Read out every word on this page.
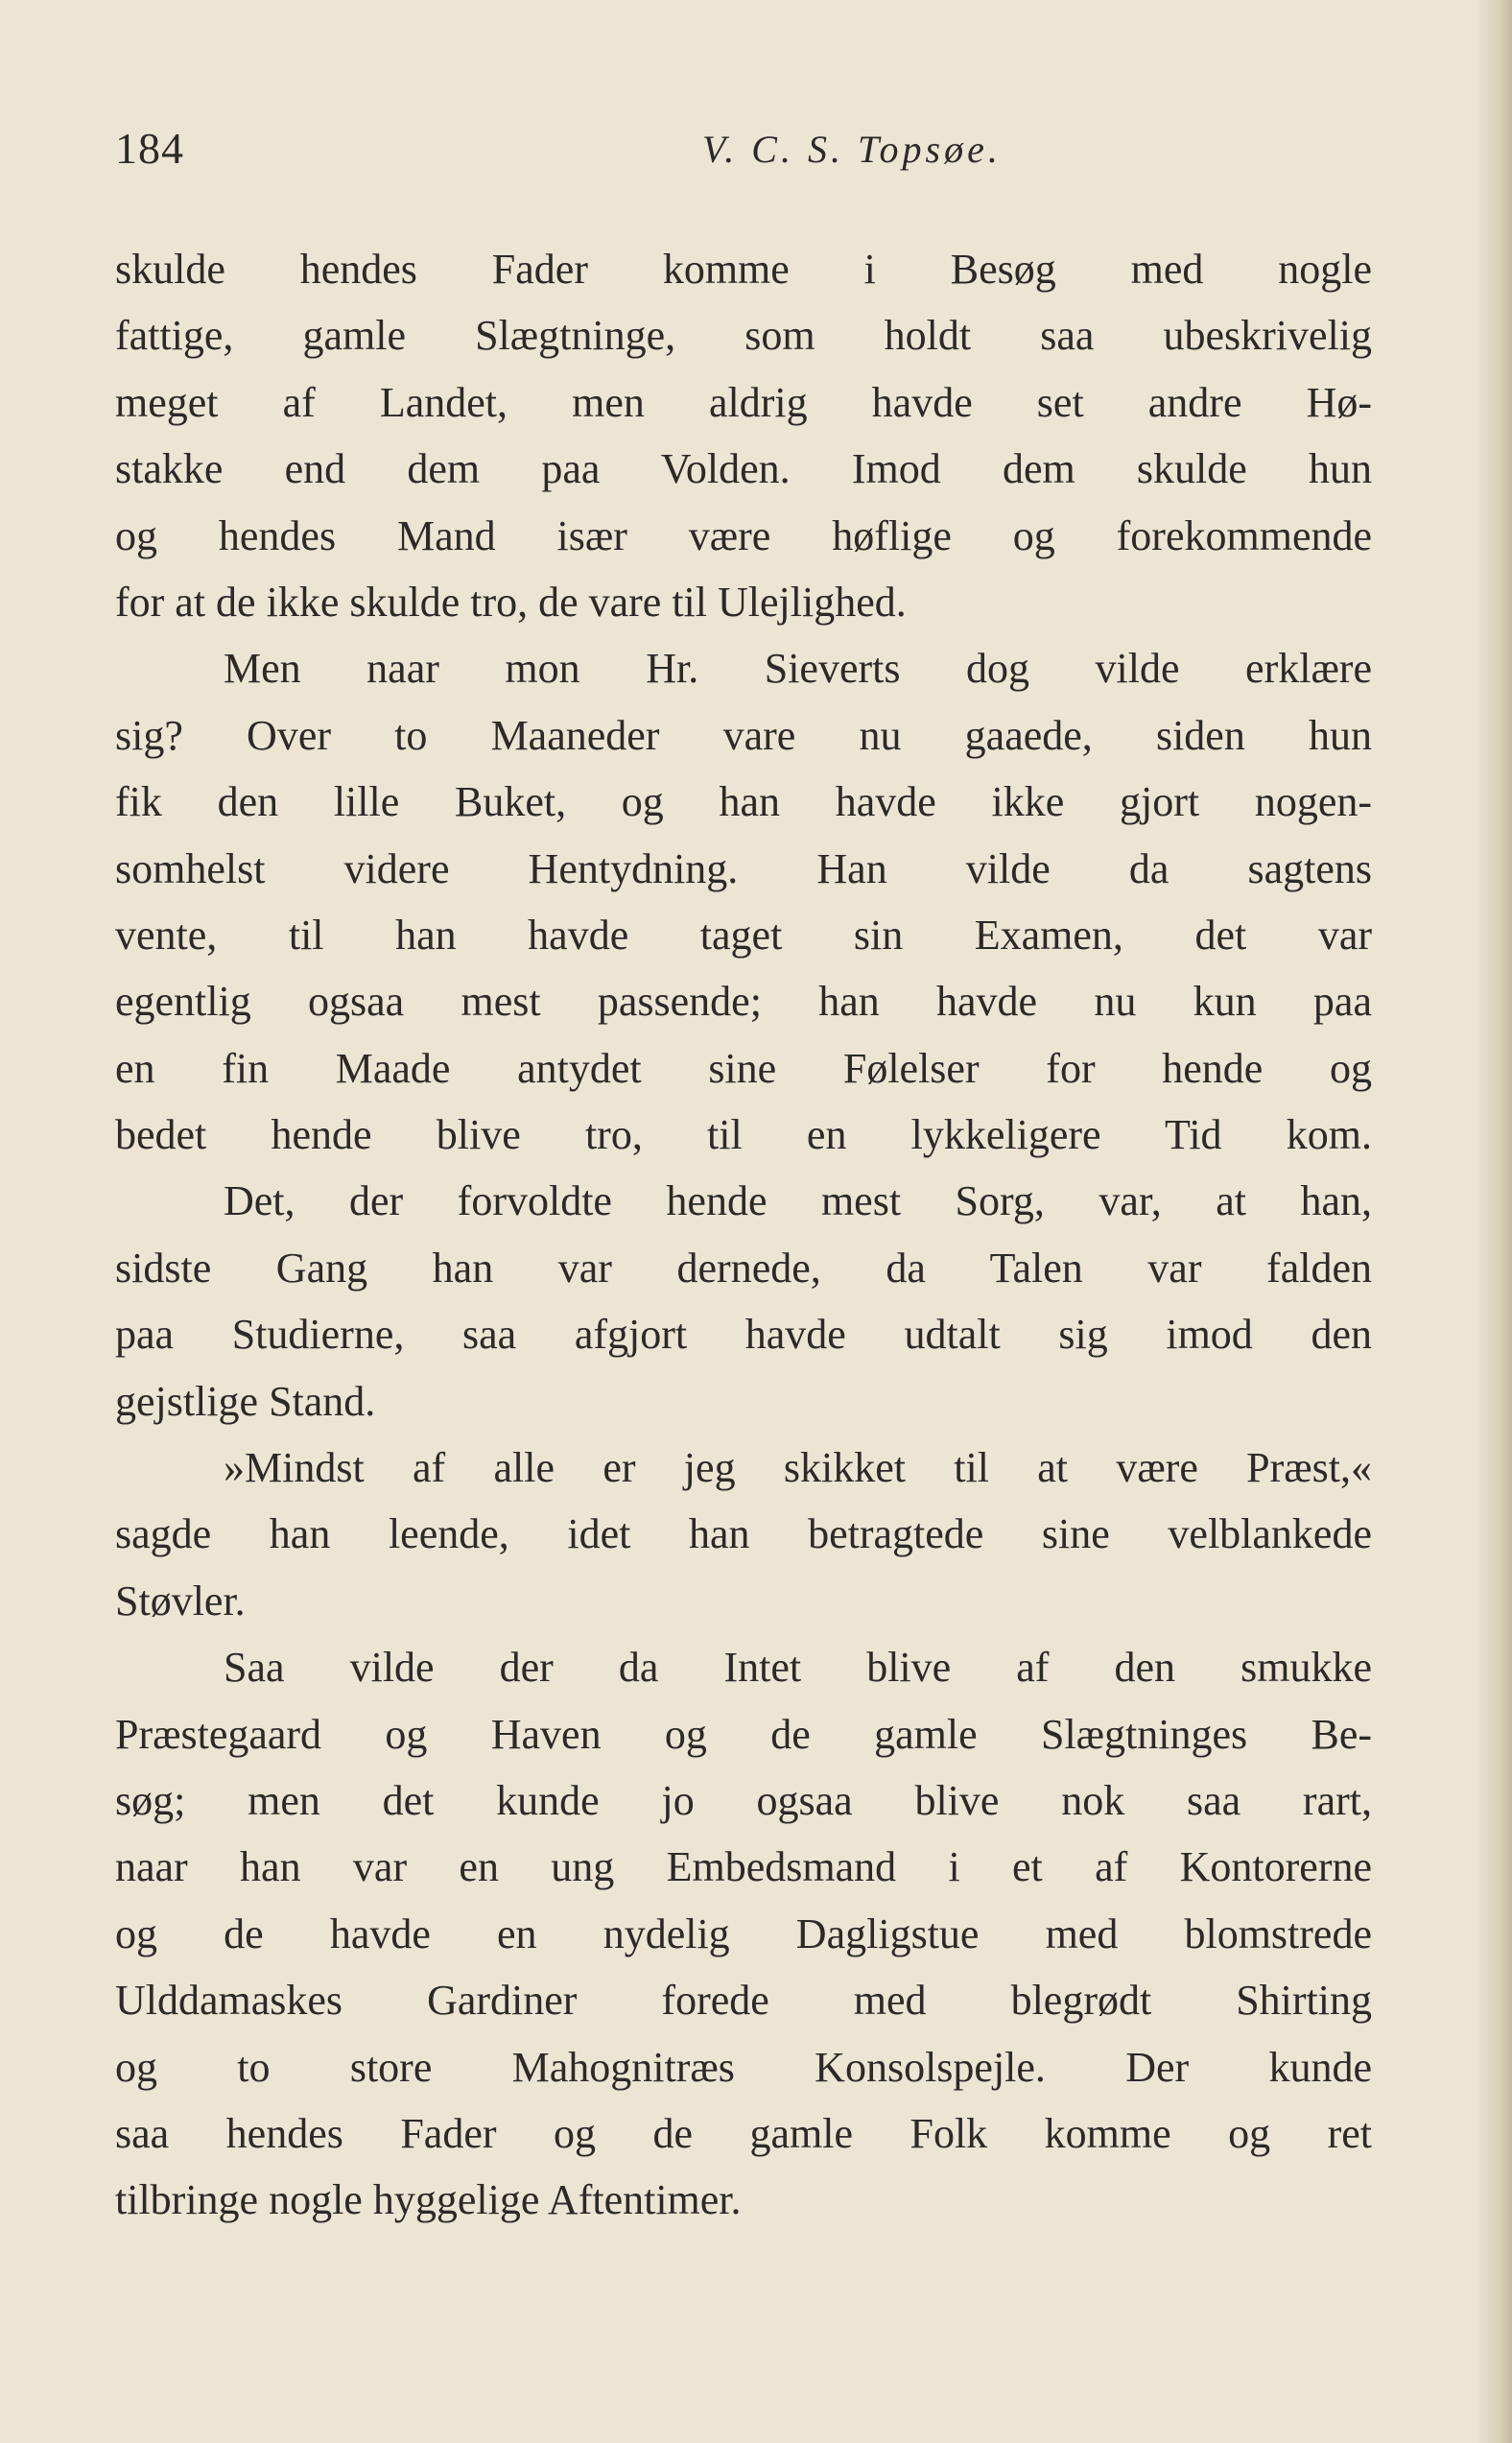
184	V. C. S. Topsøe.
skulde hendes Fader komme i Besøg med nogle
fattige, gamle Slægtninge, som holdt saa ubeskrivelig
meget af Landet, men aldrig havde set andre Hø-
stakke end dem paa Volden. Imod dem skulde hun
og hendes Mand især være høflige og forekommende
for at de ikke skulde tro, de vare til Ulejlighed.
Men naar mon Hr. Sieverts dog vilde erklære
sig? Over to Maaneder vare nu gaaede, siden hun
fik den lille Buket, og han havde ikke gjort nogen-
somhelst videre Hentydning. Han vilde da sagtens
vente, til han havde taget sin Examen, det var
egentlig ogsaa mest passende; han havde nu kun paa
en fin Maade antydet sine Følelser for hende og
bedet hende blive tro, til en lykkeligere Tid kom.
Det, der forvoldte hende mest Sorg, var, at han,
sidste Gang han var dernede, da Talen var falden
paa Studierne, saa afgjort havde udtalt sig imod den
gejstlige Stand.
»Mindst af alle er jeg skikket til at være Præst,«
sagde han leende, idet han betragtede sine velblankede
Støvler.
Saa vilde der da Intet blive af den smukke
Præstegaard og Haven og de gamle Slægtninges Be-
søg; men det kunde jo ogsaa blive nok saa rart,
naar han var en ung Embedsmand i et af Kontorerne
og de havde en nydelig Dagligstue med blomstrede
Ulddamaskes Gardiner forede med blegrødt Shirting
og to store Mahognitræs Konsolspejle. Der kunde
saa hendes Fader og de gamle Folk komme og ret
tilbringe nogle hyggelige Aftentimer.
